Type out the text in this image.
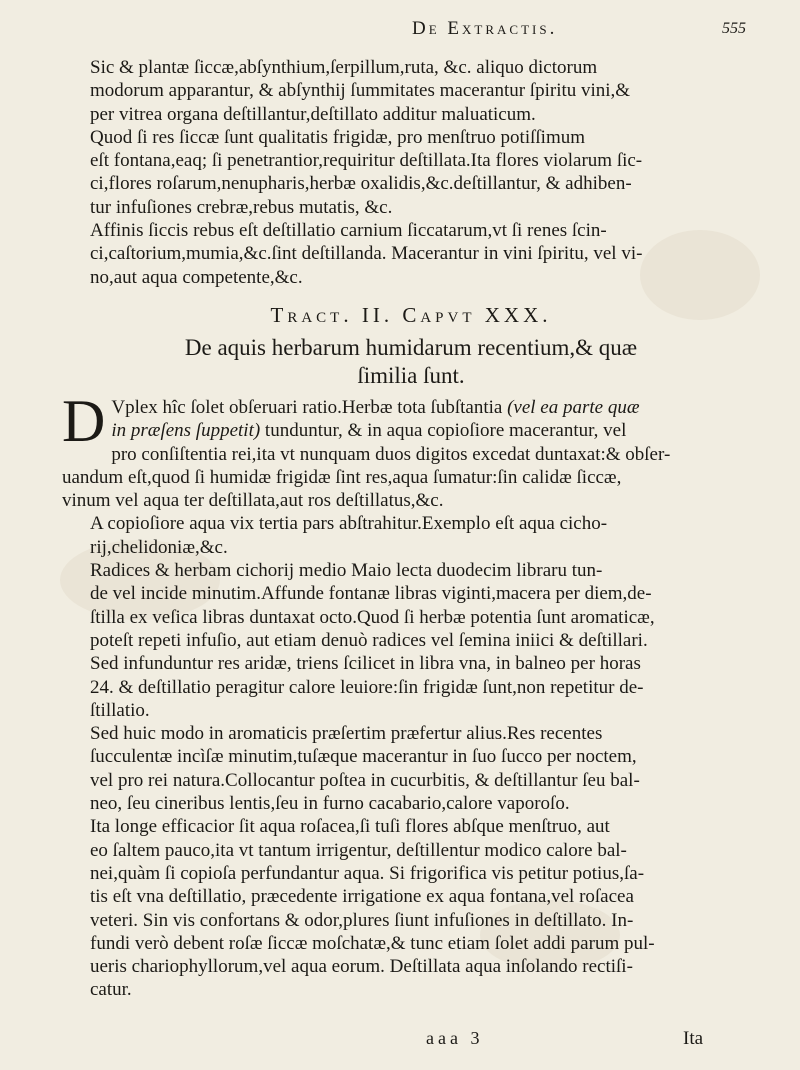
De Extractis.	555

Sic & plantæ ſiccæ,abſynthium,ſerpillum,ruta, &c. aliquo dictorum
modorum apparantur, & abſynthij ſummitates macerantur ſpiritu vini,&
per vitrea organa deſtillantur,deſtillato additur maluaticum.

Quod ſi res ſiccæ ſunt qualitatis frigidæ, pro menſtruo potiſſimum
eſt fontana,eaq; ſi penetrantior,requiritur deſtillata.Ita flores violarum ſic-
ci,flores roſarum,nenupharis,herbæ oxalidis,&c.deſtillantur, & adhiben-
tur infuſiones crebræ,rebus mutatis, &c.

Affinis ſiccis rebus eſt deſtillatio carnium ſiccatarum,vt ſi renes ſcin-
ci,caſtorium,mumia,&c.ſint deſtillanda. Macerantur in vini ſpiritu, vel vi-
no,aut aqua competente,&c.

Tract. II. Capvt XXX.
De aquis herbarum humidarum recentium,& quæ
ſimilia ſunt.

D Vplex hîc ſolet obſeruari ratio.Herbæ tota ſubſtantia (vel ea parte quæ
in præſens ſuppetit) tunduntur, & in aqua copioſiore macerantur, vel
pro conſiſtentia rei,ita vt nunquam duos digitos excedat duntaxat:& obſer-
uandum eſt,quod ſi humidæ frigidæ ſint res,aqua ſumatur:ſin calidæ ſiccæ,
vinum vel aqua ter deſtillata,aut ros deſtillatus,&c.

A copioſiore aqua vix tertia pars abſtrahitur.Exemplo eſt aqua cicho-
rij,chelidoniæ,&c.

Radices & herbam cichorij medio Maio lecta duodecim libraru tun-
de vel incide minutim.Affunde fontanæ libras viginti,macera per diem,de-
ſtilla ex veſica libras duntaxat octo.Quod ſi herbæ potentia ſunt aromaticæ,
poteſt repeti infuſio, aut etiam denuò radices vel ſemina iniici & deſtillari.
Sed infunduntur res aridæ, triens ſcilicet in libra vna, in balneo per horas
24. & deſtillatio peragitur calore leuiore:ſin frigidæ ſunt,non repetitur de-
ſtillatio.

Sed huic modo in aromaticis præſertim præfertur alius.Res recentes
ſucculentæ incìſæ minutim,tuſæque macerantur in ſuo ſucco per noctem,
vel pro rei natura.Collocantur poſtea in cucurbitis, & deſtillantur ſeu bal-
neo, ſeu cineribus lentis,ſeu in furno cacabario,calore vaporoſo.

Ita longe efficacior ſit aqua roſacea,ſi tuſi flores abſque menſtruo, aut
eo ſaltem pauco,ita vt tantum irrigentur, deſtillentur modico calore bal-
nei,quàm ſi copioſa perfundantur aqua. Si frigorifica vis petitur potius,ſa-
tis eſt vna deſtillatio, præcedente irrigatione ex aqua fontana,vel roſacea
veteri. Sin vis confortans & odor,plures ſiunt infuſiones in deſtillato. In-
fundi verò debent roſæ ſiccæ moſchatæ,& tunc etiam ſolet addi parum pul-
ueris chariophyllorum,vel aqua eorum. Deſtillata aqua inſolando rectiſi-
catur.

aaa 3	Ita
